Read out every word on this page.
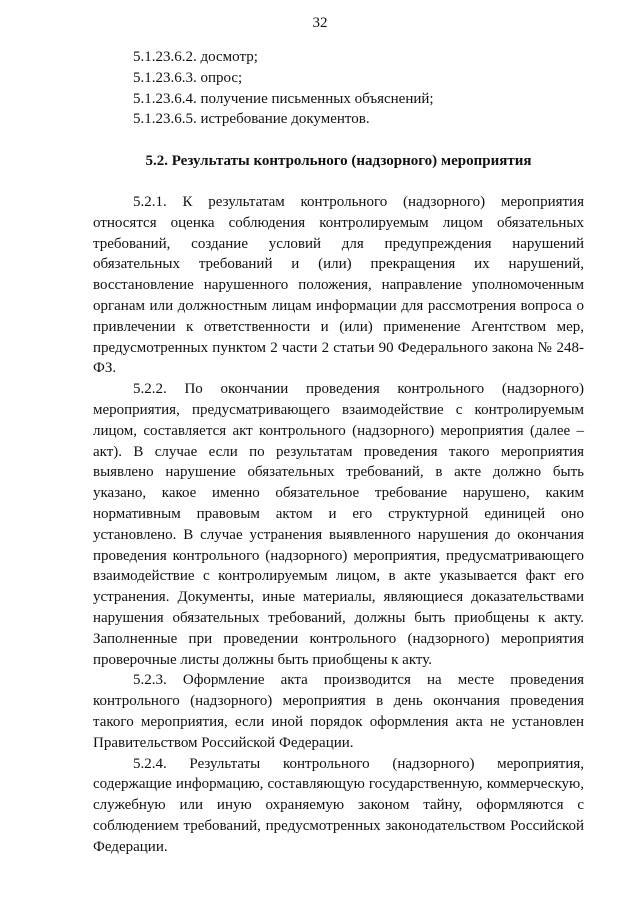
32

5.1.23.6.2. досмотр;

5.1.23.6.3. опрос;

5.1.23.6.4. получение письменных объяснений;

5.1.23.6.5. истребование документов.

5.2. Результаты контрольного (надзорного) мероприятия

5.2.1. К результатам контрольного (надзорного) мероприятия относятся оценка соблюдения контролируемым лицом обязательных требований, создание условий для предупреждения нарушений обязательных требований и (или) прекращения их нарушений, восстановление нарушенного положения, направление уполномоченным органам или должностным лицам информации для рассмотрения вопроса о привлечении к ответственности и (или) применение Агентством мер, предусмотренных пунктом 2 части 2 статьи 90 Федерального закона № 248-ФЗ.

5.2.2. По окончании проведения контрольного (надзорного) мероприятия, предусматривающего взаимодействие с контролируемым лицом, составляется акт контрольного (надзорного) мероприятия (далее – акт). В случае если по результатам проведения такого мероприятия выявлено нарушение обязательных требований, в акте должно быть указано, какое именно обязательное требование нарушено, каким нормативным правовым актом и его структурной единицей оно установлено. В случае устранения выявленного нарушения до окончания проведения контрольного (надзорного) мероприятия, предусматривающего взаимодействие с контролируемым лицом, в акте указывается факт его устранения. Документы, иные материалы, являющиеся доказательствами нарушения обязательных требований, должны быть приобщены к акту. Заполненные при проведении контрольного (надзорного) мероприятия проверочные листы должны быть приобщены к акту.

5.2.3. Оформление акта производится на месте проведения контрольного (надзорного) мероприятия в день окончания проведения такого мероприятия, если иной порядок оформления акта не установлен Правительством Российской Федерации.

5.2.4. Результаты контрольного (надзорного) мероприятия, содержащие информацию, составляющую государственную, коммерческую, служебную или иную охраняемую законом тайну, оформляются с соблюдением требований, предусмотренных законодательством Российской Федерации.
